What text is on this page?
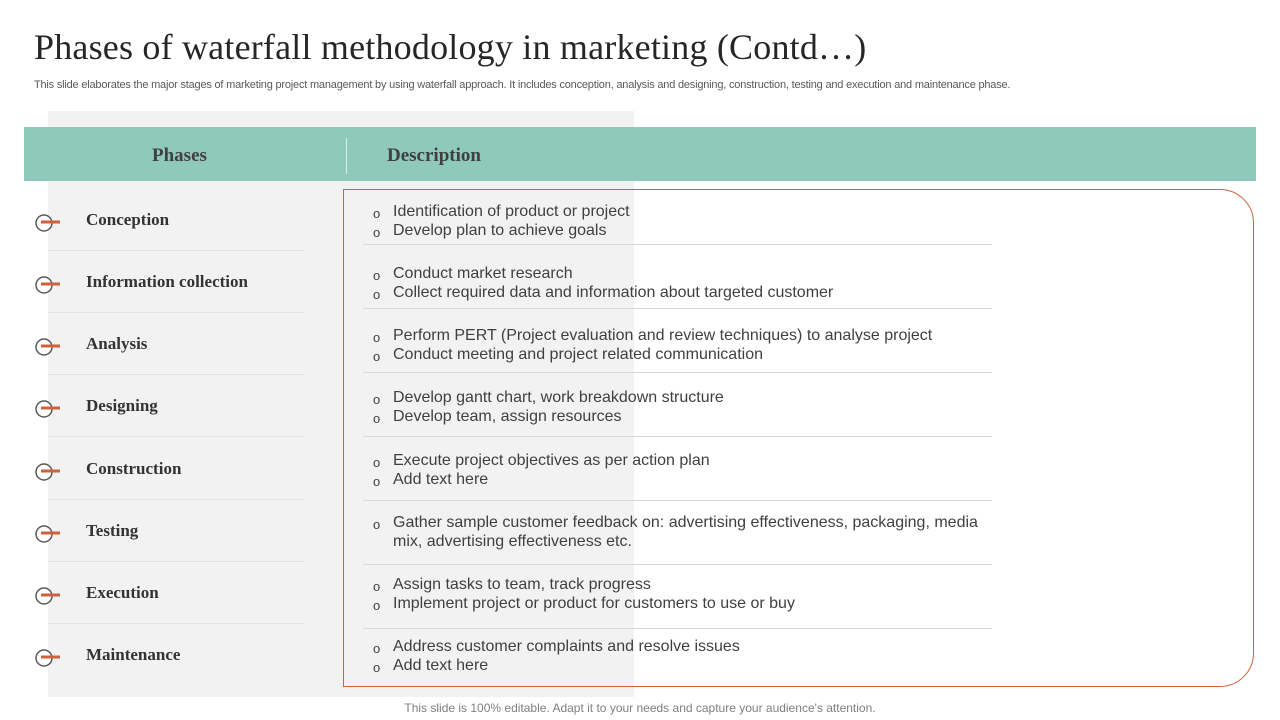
Phases of waterfall methodology in marketing (Contd…)

This slide elaborates the major stages of marketing project management by using waterfall approach. It includes conception, analysis and designing, construction, testing and execution and maintenance phase.

Phases	Description
Conception
Information collection
Analysis
Designing
Construction
Testing
Execution
Maintenance
o Identification of product or project
o Develop plan to achieve goals
o Conduct market research
o Collect required data and information about targeted customer
o Perform PERT (Project evaluation and review techniques) to analyse project
o Conduct meeting and project related communication
o Develop gantt chart, work breakdown structure
o Develop team, assign resources
o Execute project objectives as per action plan
o Add text here
o Gather sample customer feedback on: advertising effectiveness, packaging, media
mix, advertising effectiveness etc.
o Assign tasks to team, track progress
o Implement project or product for customers to use or buy
o Address customer complaints and resolve issues
o Add text here

This slide is 100% editable. Adapt it to your needs and capture your audience's attention.
